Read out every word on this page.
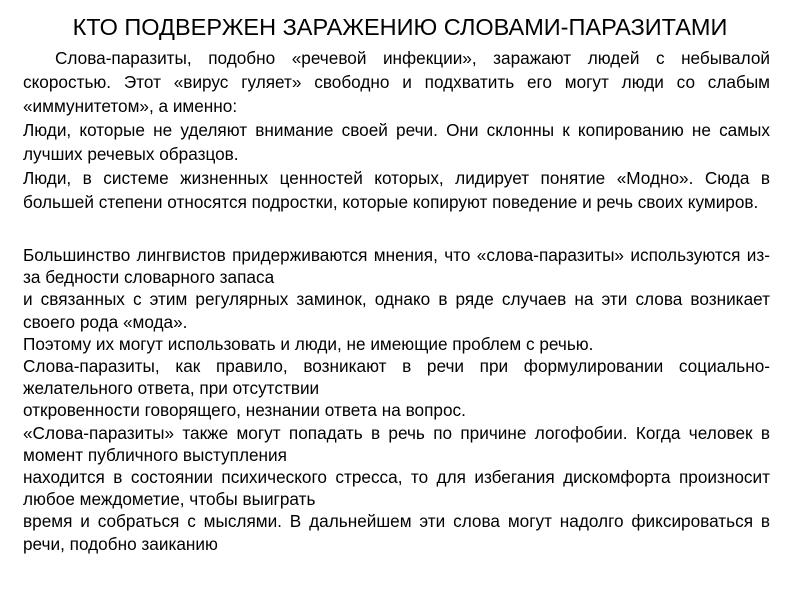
КТО ПОДВЕРЖЕН ЗАРАЖЕНИЮ СЛОВАМИ-ПАРАЗИТАМИ

Слова-паразиты, подобно «речевой инфекции», заражают людей с небывалой скоростью. Этот «вирус гуляет» свободно и подхватить его могут люди со слабым «иммунитетом», а именно:

Люди, которые не уделяют внимание своей речи. Они склонны к копированию не самых лучших речевых образцов.

Люди, в системе жизненных ценностей которых, лидирует понятие «Модно». Сюда в большей степени относятся подростки, которые копируют поведение и речь своих кумиров.

Большинство лингвистов придерживаются мнения, что «слова-паразиты» используются из-за бедности словарного запаса

и связанных с этим регулярных заминок, однако в ряде случаев на эти слова возникает своего рода «мода».

Поэтому их могут использовать и люди, не имеющие проблем с речью.

Слова-паразиты, как правило, возникают в речи при формулировании социально-желательного ответа, при отсутствии

откровенности говорящего, незнании ответа на вопрос.

«Слова-паразиты» также могут попадать в речь по причине логофобии. Когда человек в момент публичного выступления

находится в состоянии психического стресса, то для избегания дискомфорта произносит любое междометие, чтобы выиграть

время и собраться с мыслями. В дальнейшем эти слова могут надолго фиксироваться в речи, подобно заиканию
